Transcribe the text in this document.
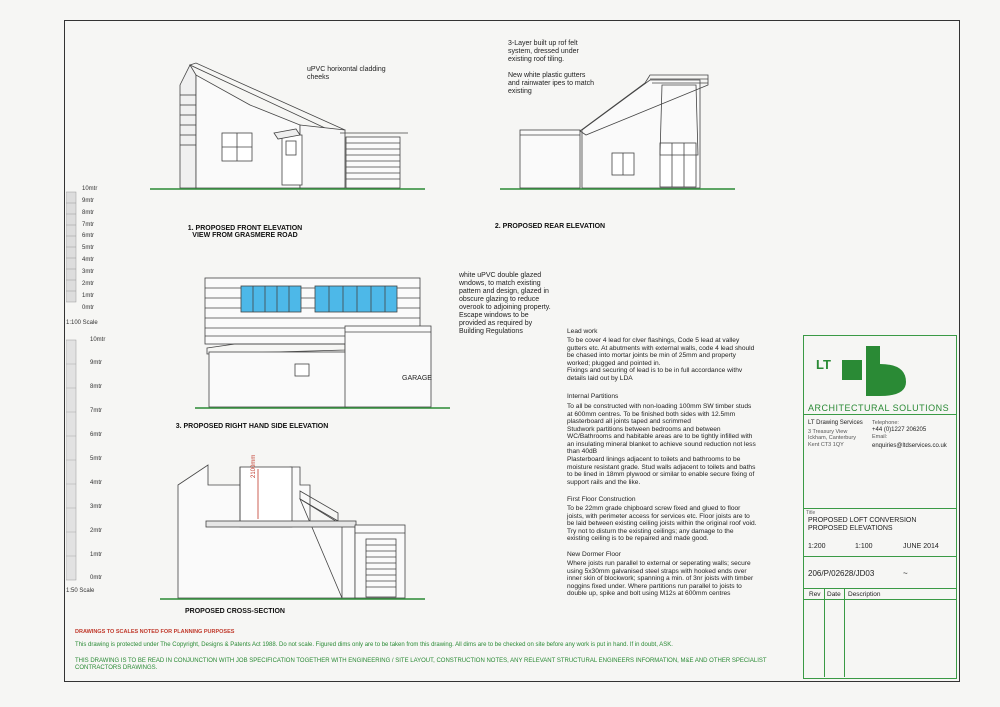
10mtr
9mtr
8mtr
7mtr
6mtr
5mtr
4mtr
3mtr
2mtr
1mtr
0mtr
1:100 Scale
10mtr
9mtr
8mtr
7mtr
6mtr
5mtr
4mtr
3mtr
2mtr
1mtr
0mtr
1:50 Scale
uPVC horixontal cladding
cheeks
1. PROPOSED FRONT ELEVATION
VIEW FROM GRASMERE ROAD
3-Layer built up rof felt
system, dressed under
existing roof tiling.
New white plastic gutters
and rainwater ipes to match
existing
2. PROPOSED REAR ELEVATION
GARAGE
white uPVC double glazed
wndows, to match existing
pattern and design, glazed in
obscure glazing to reduce
overook to adjoining property.
Escape windows to be
provided as required by
Building Regulations
3. PROPOSED RIGHT HAND SIDE ELEVATION
2100mm
PROPOSED CROSS-SECTION
Lead work
To be cover 4 lead for clver flashings, Code 5 lead at valley
gutters etc. At abutments with external walls, code 4 lead should
be chased into mortar joints be min of 25mm and property
worked; plugged and pointed in.
Fixings and securing of lead is to be in full accordance withv
details laid out by LDA
Internal Partitions
To all be constructed with non-loading 100mm SW timber studs
at 600mm centres. To be finished both sides with 12.5mm
plasterboard all joints taped and scrimmed
Studwork partitions between bedrooms and between
WC/Bathrooms and habitable areas are to be tightly infilled with
an insulating mineral blanket to achieve sound reduction not less
than 40dB
Plasterboard linings adjacent to toilets and bathrooms to be
moisture resistant grade. Stud walls adjacent to toilets and baths
to be lined in 18mm plywood or similar to enable secure fixing of
support rails and the like.
First Floor Construction
To be 22mm grade chipboard screw fixed and glued to floor
joists, with perimeter access for services etc. Floor joists are to
be laid between existing ceiling joists within the original roof void.
Try not to disturn the existing ceilings; any damage to the
existing ceiling is to be repaired and made good.
New Dormer Floor
Where joists run parallel to external or seperating walls; secure
using 5x30mm galvanised steel straps with hooked ends over
inner skin of blockwork; spanning a min. of 3nr joists with timber
noggins fixed under. Where partitions run parallel to joists to
double up, spike and bolt using M12s at 600mm centres
LT
ARCHITECTURAL SOLUTIONS
LT Drawing Services
3 Treasury View
Ickham, Canterbury
Kent CT3 1QY
Telephone:
+44 (0)1227 206205
Email:
enquiries@ltdservices.co.uk
Title
PROPOSED LOFT CONVERSION
PROPOSED ELEVATIONS
1:200	1:100	JUNE 2014
206/P/02628/JD03	~
Rev Date Description
DRAWINGS TO SCALES NOTED FOR PLANNING PURPOSES
This drawing is protected under The Copyright, Designs & Patents Act 1988. Do not scale. Figured dims only are to be taken from this drawing. All dims are to be checked on site before any work is put in hand. If in doubt, ASK.
THIS DRAWING IS TO BE READ IN CONJUNCTION WITH JOB SPECIFICATION TOGETHER WITH ENGINEERING / SITE LAYOUT, CONSTRUCTION NOTES, ANY RELEVANT STRUCTURAL ENGINEERS INFORMATION, M&E AND OTHER SPECIALIST CONTRACTORS DRAWINGS.
